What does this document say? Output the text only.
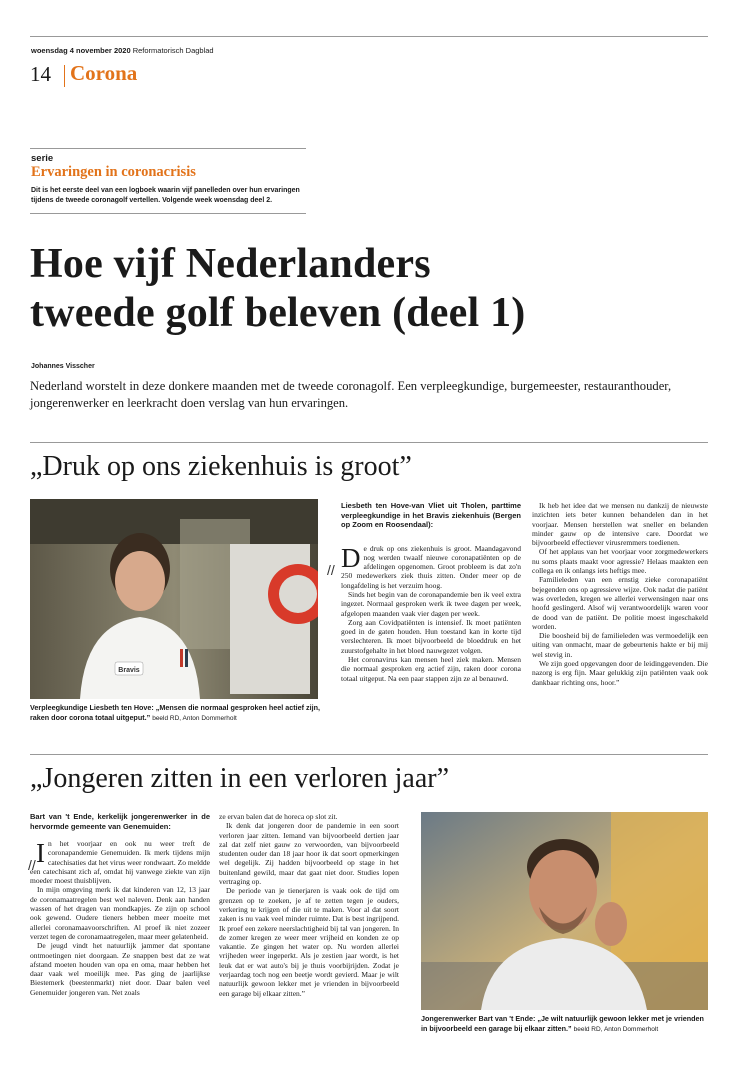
woensdag 4 november 2020 Reformatorisch Dagblad
14 Corona
serie
Ervaringen in coronacrisis
Dit is het eerste deel van een logboek waarin vijf panelleden over hun ervaringen tijdens de tweede coronagolf vertellen. Volgende week woensdag deel 2.
Hoe vijf Nederlanders
tweede golf beleven (deel 1)
Johannes Visscher
Nederland worstelt in deze donkere maanden met de tweede coronagolf. Een verpleegkundige, burgemeester, restauranthouder, jongerenwerker en leerkracht doen verslag van hun ervaringen.
„Druk op ons ziekenhuis is groot”
Bravis
Verpleegkundige Liesbeth ten Hove: „Mensen die normaal gesproken heel actief zijn, raken door corona totaal uitgeput.” beeld RD, Anton Dommerholt
Liesbeth ten Hove-van Vliet uit Tholen, parttime verpleegkundige in het Bravis ziekenhuis (Bergen op Zoom en Roosendaal):
// D e druk op ons ziekenhuis is groot. Maandagavond nog werden twaalf nieuwe coronapatiënten op de afdelingen opgenomen. Groot probleem is dat zo'n 250 medewerkers ziek thuis zitten. Onder meer op de longafdeling is het verzuim hoog.

Sinds het begin van de coronapandemie ben ik veel extra ingezet. Normaal gesproken werk ik twee dagen per week, afgelopen maanden vaak vier dagen per week.

Zorg aan Covidpatiënten is intensief. Ik moet patiënten goed in de gaten houden. Hun toestand kan in korte tijd verslechteren. Ik moet bijvoorbeeld de bloeddruk en het zuurstofgehalte in het bloed nauwgezet volgen.

Het coronavirus kan mensen heel ziek maken. Mensen die normaal gesproken erg actief zijn, raken door corona totaal uitgeput. Na een paar stappen zijn ze al benauwd.

Ik heb het idee dat we mensen nu dankzij de nieuwste inzichten iets beter kunnen behandelen dan in het voorjaar. Mensen herstellen wat sneller en belanden minder gauw op de intensive care. Doordat we bijvoorbeeld effectiever virusremmers toedienen.

Of het applaus van het voorjaar voor zorgmedewerkers nu soms plaats maakt voor agressie? Helaas maakten een collega en ik onlangs iets heftigs mee.

Familieleden van een ernstig zieke coronapatiënt bejegenden ons op agressieve wijze. Ook nadat die patiënt was overleden, kregen we allerlei verwensingen naar ons hoofd geslingerd. Alsof wij verantwoordelijk waren voor de dood van de patiënt. De politie moest ingeschakeld worden.

Die boosheid bij de familieleden was vermoedelijk een uiting van onmacht, maar de gebeurtenis hakte er bij mij wel stevig in.

We zijn goed opgevangen door de leidinggevenden. Die nazorg is erg fijn. Maar gelukkig zijn patiënten vaak ook dankbaar richting ons, hoor.”

„Jongeren zitten in een verloren jaar”
Bart van 't Ende, kerkelijk jongerenwerker in de hervormde gemeente van Genemuiden:
// I n het voorjaar en ook nu weer treft de coronapandemie Genemuiden. Ik merk tijdens mijn catechisaties dat het virus weer rondwaart. Zo meldde een catechisant zich af, omdat hij vanwege ziekte van zijn moeder moest thuisblijven.

In mijn omgeving merk ik dat kinderen van 12, 13 jaar de coronamaatregelen best wel naleven. Denk aan handen wassen of het dragen van mondkapjes. Ze zijn op school ook gewend. Oudere tieners hebben meer moeite met allerlei coronamaavoorschriften. Al proef ik niet zozeer verzet tegen de coronamaatregelen, maar meer gelatenheid.

De jeugd vindt het natuurlijk jammer dat spontane ontmoetingen niet doorgaan. Ze snappen best dat ze wat afstand moeten houden van opa en oma, maar hebben het daar vaak wel moeilijk mee. Pas ging de jaarlijkse Biestemerk (beestenmarkt) niet door. Daar balen veel Genemuider jongeren van. Net zoals

ze ervan balen dat de horeca op slot zit.

Ik denk dat jongeren door de pandemie in een soort verloren jaar zitten. Iemand van bijvoorbeeld dertien jaar zal dat zelf niet gauw zo verwoorden, van bijvoorbeeld studenten ouder dan 18 jaar hoor ik dat soort opmerkingen wel degelijk. Zij hadden bijvoorbeeld op stage in het buitenland gewild, maar dat gaat niet door. Studies lopen vertraging op.

De periode van je tienerjaren is vaak ook de tijd om grenzen op te zoeken, je af te zetten tegen je ouders, verkering te krijgen of die uit te maken. Voor al dat soort zaken is nu vaak veel minder ruimte. Dat is best ingrijpend. Ik proef een zekere neerslachtigheid bij tal van jongeren. In de zomer kregen ze weer meer vrijheid en konden ze op vakantie. Ze gingen het water op. Nu worden allerlei vrijheden weer ingeperkt. Als je zestien jaar wordt, is het leuk dat er wat auto's bij je thuis voorbijrijden. Zodat je verjaardag toch nog een beetje wordt gevierd. Maar je wilt natuurlijk gewoon lekker met je vrienden in bijvoorbeeld een garage bij elkaar zitten.”

Jongerenwerker Bart van 't Ende: „Je wilt natuurlijk gewoon lekker met je vrienden in bijvoorbeeld een garage bij elkaar zitten.” beeld RD, Anton Dommerholt
